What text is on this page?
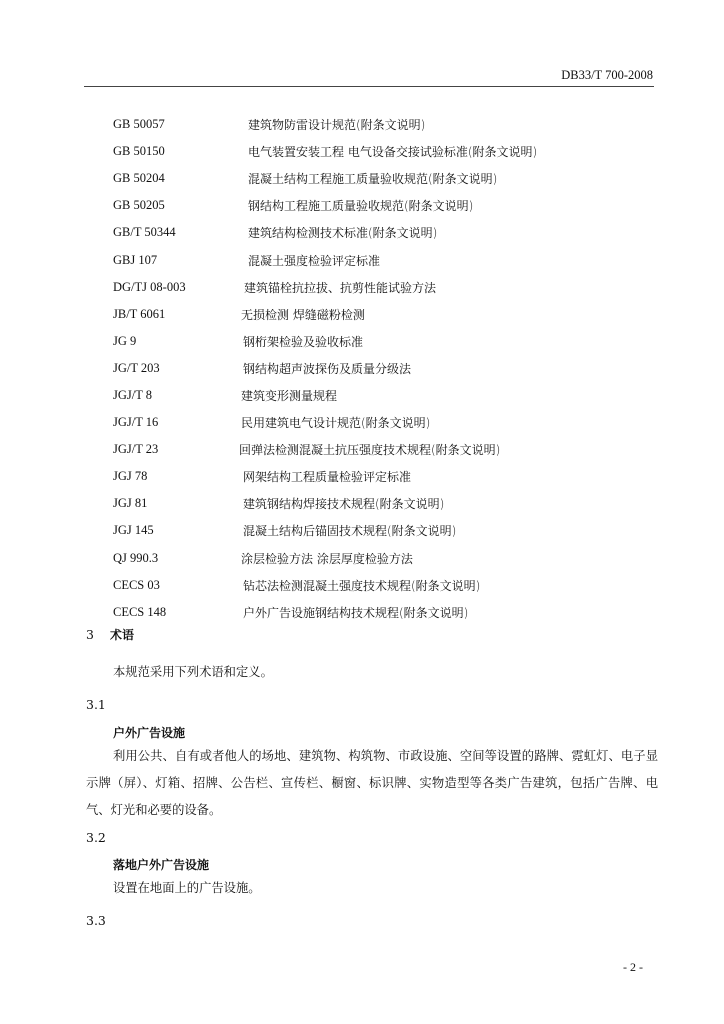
DB33/T 700-2008
GB 50057	建筑物防雷设计规范(附条文说明)
GB 50150	电气装置安装工程 电气设备交接试验标准(附条文说明)
GB 50204	混凝土结构工程施工质量验收规范(附条文说明)
GB 50205	钢结构工程施工质量验收规范(附条文说明)
GB/T 50344	建筑结构检测技术标准(附条文说明)
GBJ 107	混凝土强度检验评定标准
DG/TJ 08-003	建筑锚栓抗拉拔、抗剪性能试验方法
JB/T 6061	无损检测 焊缝磁粉检测
JG 9	钢桁架检验及验收标准
JG/T 203	钢结构超声波探伤及质量分级法
JGJ/T 8	建筑变形测量规程
JGJ/T 16	民用建筑电气设计规范(附条文说明)
JGJ/T 23	回弹法检测混凝土抗压强度技术规程(附条文说明)
JGJ 78	网架结构工程质量检验评定标准
JGJ 81	建筑钢结构焊接技术规程(附条文说明)
JGJ 145	混凝土结构后锚固技术规程(附条文说明)
QJ 990.3	涂层检验方法 涂层厚度检验方法
CECS 03	钻芯法检测混凝土强度技术规程(附条文说明)
CECS 148	户外广告设施钢结构技术规程(附条文说明)
3 术语
本规范采用下列术语和定义。
3.1
户外广告设施
利用公共、自有或者他人的场地、建筑物、构筑物、市政设施、空间等设置的路牌、霓虹灯、电子显示牌（屏）、灯箱、招牌、公告栏、宣传栏、橱窗、标识牌、实物造型等各类广告建筑，包括广告牌、电气、灯光和必要的设备。
3.2
落地户外广告设施
设置在地面上的广告设施。
3.3
- 2 -
